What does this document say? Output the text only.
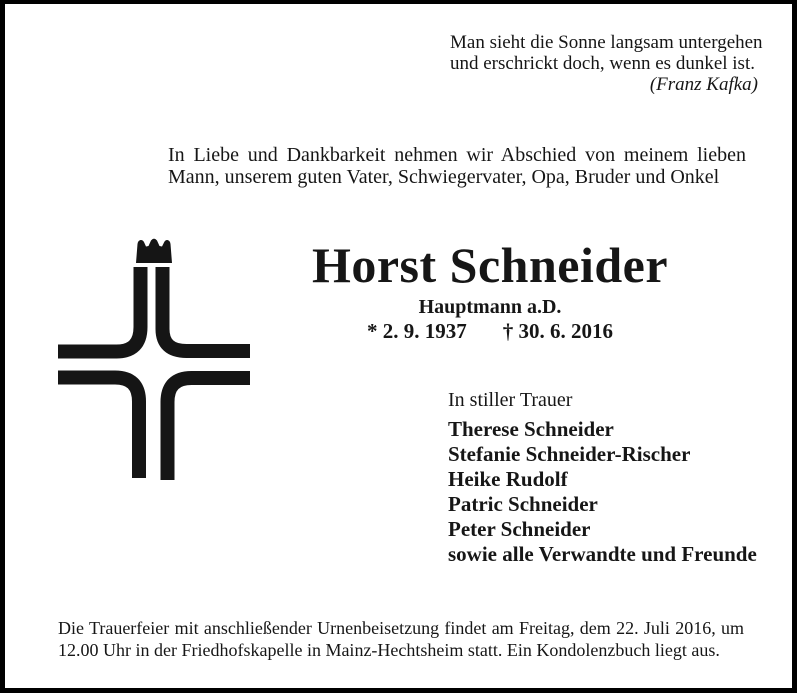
Man sieht die Sonne langsam untergehen
und erschrickt doch, wenn es dunkel ist.
(Franz Kafka)
In Liebe und Dankbarkeit nehmen wir Abschied von meinem lieben
Mann, unserem guten Vater, Schwiegervater, Opa, Bruder und Onkel
Horst Schneider
Hauptmann a.D.
* 2. 9. 1937 † 30. 6. 2016
In stiller Trauer
Therese Schneider
Stefanie Schneider-Rischer
Heike Rudolf
Patric Schneider
Peter Schneider
sowie alle Verwandte und Freunde
Die Trauerfeier mit anschließender Urnenbeisetzung findet am Freitag, dem 22. Juli 2016, um
12.00 Uhr in der Friedhofskapelle in Mainz-Hechtsheim statt. Ein Kondolenzbuch liegt aus.
